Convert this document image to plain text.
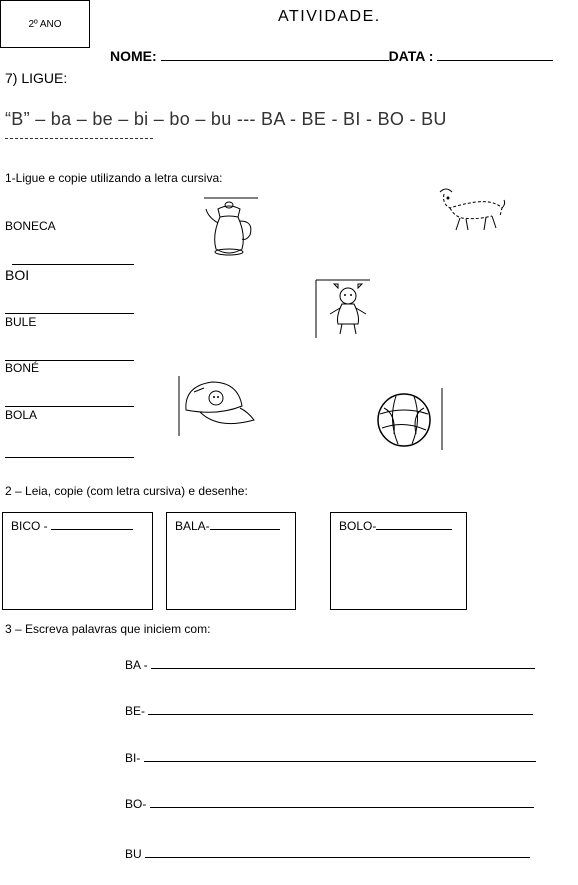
2º ANO	ATIVIDADE.
NOME:	DATA :
7) LIGUE:
“B” – ba – be – bi – bo – bu --- BA - BE - BI - BO - BU
1-Ligue e copie utilizando a letra cursiva:
BONECA
BOI
BULE
BONÉ
BOLA
2 – Leia, copie (com letra cursiva) e desenhe:
BICO -	BALA-	BOLO-
3 – Escreva palavras que iniciem com:
BA -
BE-
BI-
BO-
BU
